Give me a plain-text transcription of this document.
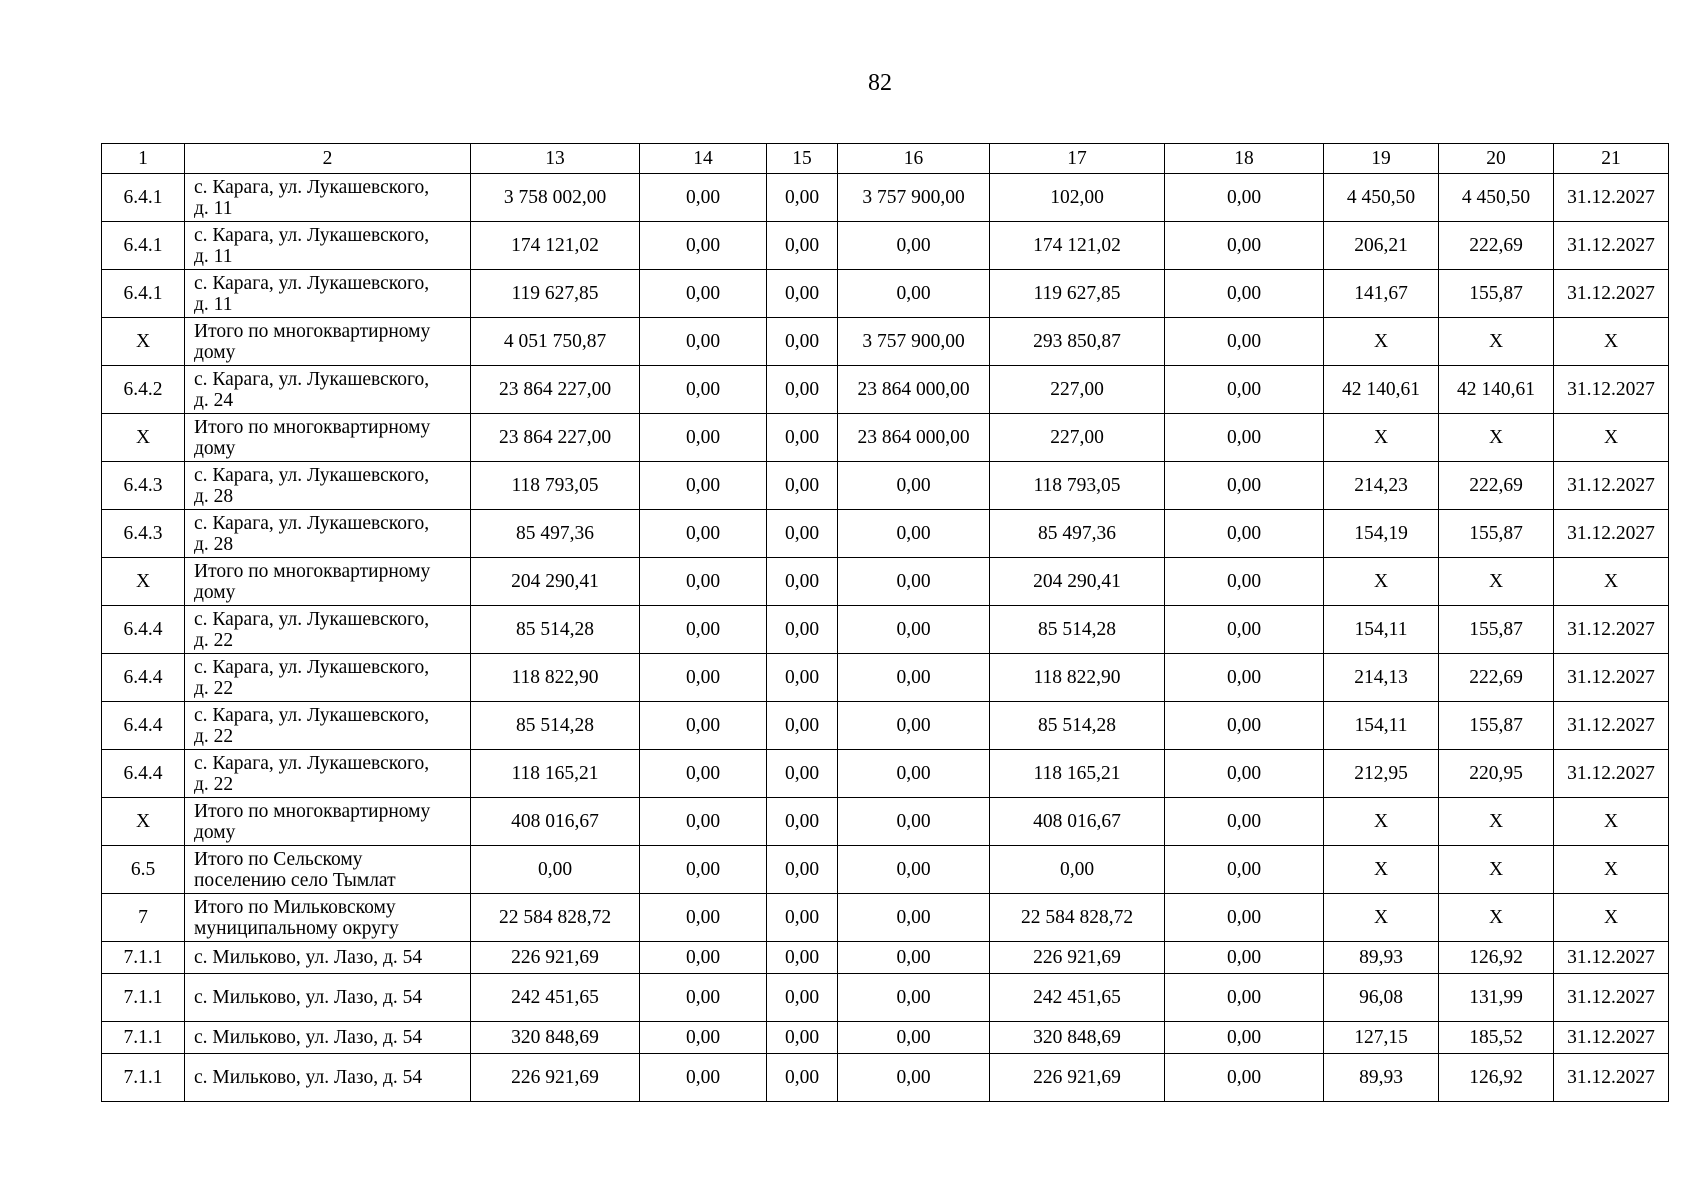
82
1	2	13	14	15	16	17	18	19	20	21
6.4.1	с. Карага, ул. Лукашевского,
д. 11	3 758 002,00	0,00	0,00	3 757 900,00	102,00	0,00	4 450,50	4 450,50	31.12.2027
6.4.1	с. Карага, ул. Лукашевского,
д. 11	174 121,02	0,00	0,00	0,00	174 121,02	0,00	206,21	222,69	31.12.2027
6.4.1	с. Карага, ул. Лукашевского,
д. 11	119 627,85	0,00	0,00	0,00	119 627,85	0,00	141,67	155,87	31.12.2027
Х	Итого по многоквартирному
дому	4 051 750,87	0,00	0,00	3 757 900,00	293 850,87	0,00	Х	Х	Х
6.4.2	с. Карага, ул. Лукашевского,
д. 24	23 864 227,00	0,00	0,00	23 864 000,00	227,00	0,00	42 140,61	42 140,61	31.12.2027
Х	Итого по многоквартирному
дому	23 864 227,00	0,00	0,00	23 864 000,00	227,00	0,00	Х	Х	Х
6.4.3	с. Карага, ул. Лукашевского,
д. 28	118 793,05	0,00	0,00	0,00	118 793,05	0,00	214,23	222,69	31.12.2027
6.4.3	с. Карага, ул. Лукашевского,
д. 28	85 497,36	0,00	0,00	0,00	85 497,36	0,00	154,19	155,87	31.12.2027
Х	Итого по многоквартирному
дому	204 290,41	0,00	0,00	0,00	204 290,41	0,00	Х	Х	Х
6.4.4	с. Карага, ул. Лукашевского,
д. 22	85 514,28	0,00	0,00	0,00	85 514,28	0,00	154,11	155,87	31.12.2027
6.4.4	с. Карага, ул. Лукашевского,
д. 22	118 822,90	0,00	0,00	0,00	118 822,90	0,00	214,13	222,69	31.12.2027
6.4.4	с. Карага, ул. Лукашевского,
д. 22	85 514,28	0,00	0,00	0,00	85 514,28	0,00	154,11	155,87	31.12.2027
6.4.4	с. Карага, ул. Лукашевского,
д. 22	118 165,21	0,00	0,00	0,00	118 165,21	0,00	212,95	220,95	31.12.2027
Х	Итого по многоквартирному
дому	408 016,67	0,00	0,00	0,00	408 016,67	0,00	Х	Х	Х
6.5	Итого по Сельскому
поселению село Тымлат	0,00	0,00	0,00	0,00	0,00	0,00	Х	Х	Х
7	Итого по Мильковскому
муниципальному округу	22 584 828,72	0,00	0,00	0,00	22 584 828,72	0,00	Х	Х	Х
7.1.1	с. Мильково, ул. Лазо, д. 54	226 921,69	0,00	0,00	0,00	226 921,69	0,00	89,93	126,92	31.12.2027
7.1.1	с. Мильково, ул. Лазо, д. 54	242 451,65	0,00	0,00	0,00	242 451,65	0,00	96,08	131,99	31.12.2027
7.1.1	с. Мильково, ул. Лазо, д. 54	320 848,69	0,00	0,00	0,00	320 848,69	0,00	127,15	185,52	31.12.2027
7.1.1	с. Мильково, ул. Лазо, д. 54	226 921,69	0,00	0,00	0,00	226 921,69	0,00	89,93	126,92	31.12.2027
